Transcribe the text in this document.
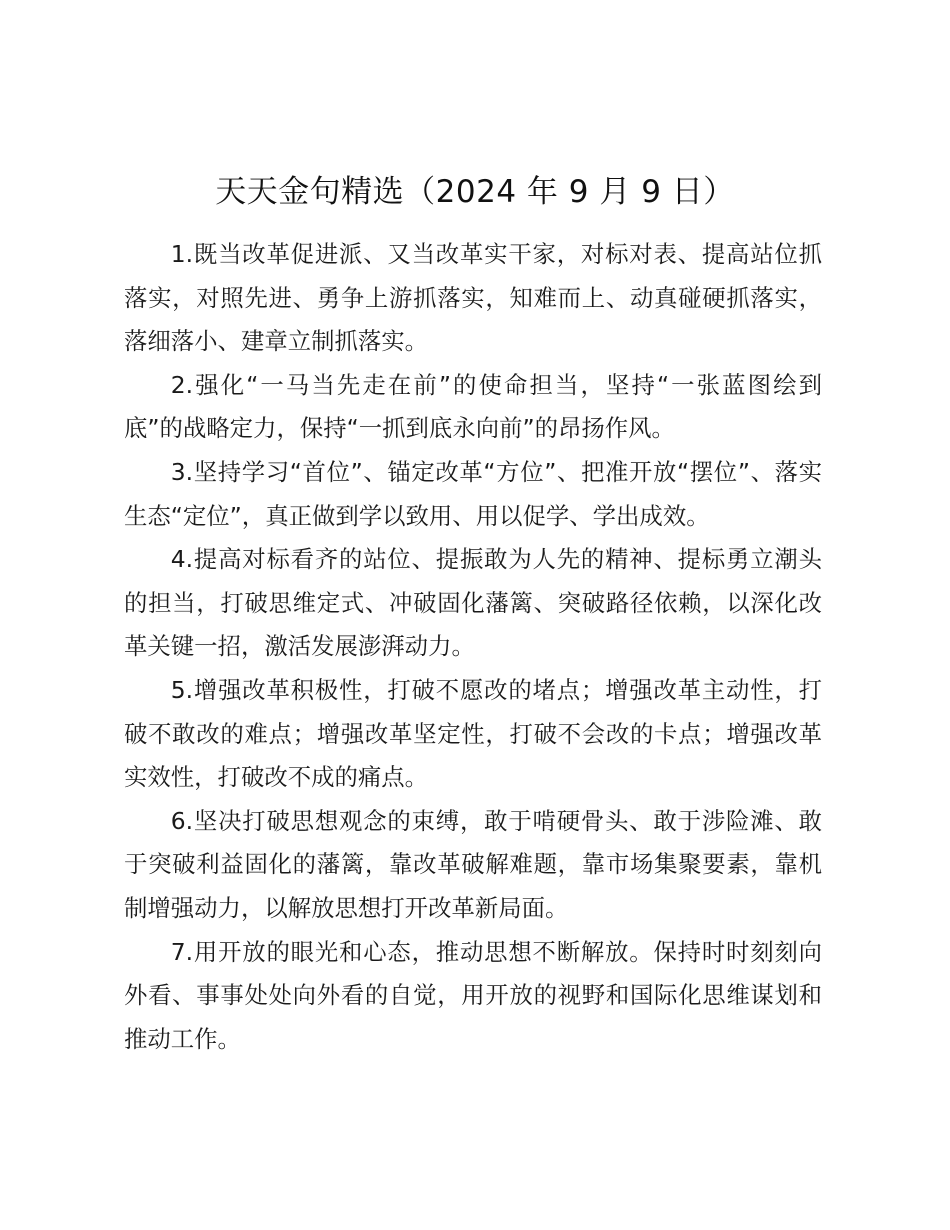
天天金句精选（2024 年 9 月 9 日）

1.既当改革促进派、又当改革实干家，对标对表、提高站位抓落实，对照先进、勇争上游抓落实，知难而上、动真碰硬抓落实，落细落小、建章立制抓落实。

2.强化“一马当先走在前”的使命担当，坚持“一张蓝图绘到底”的战略定力，保持“一抓到底永向前”的昂扬作风。

3.坚持学习“首位”、锚定改革“方位”、把准开放“摆位”、落实生态“定位”，真正做到学以致用、用以促学、学出成效。

4.提高对标看齐的站位、提振敢为人先的精神、提标勇立潮头的担当，打破思维定式、冲破固化藩篱、突破路径依赖，以深化改革关键一招，激活发展澎湃动力。

5.增强改革积极性，打破不愿改的堵点；增强改革主动性，打破不敢改的难点；增强改革坚定性，打破不会改的卡点；增强改革实效性，打破改不成的痛点。

6.坚决打破思想观念的束缚，敢于啃硬骨头、敢于涉险滩、敢于突破利益固化的藩篱，靠改革破解难题，靠市场集聚要素，靠机制增强动力，以解放思想打开改革新局面。

7.用开放的眼光和心态，推动思想不断解放。保持时时刻刻向外看、事事处处向外看的自觉，用开放的视野和国际化思维谋划和推动工作。
